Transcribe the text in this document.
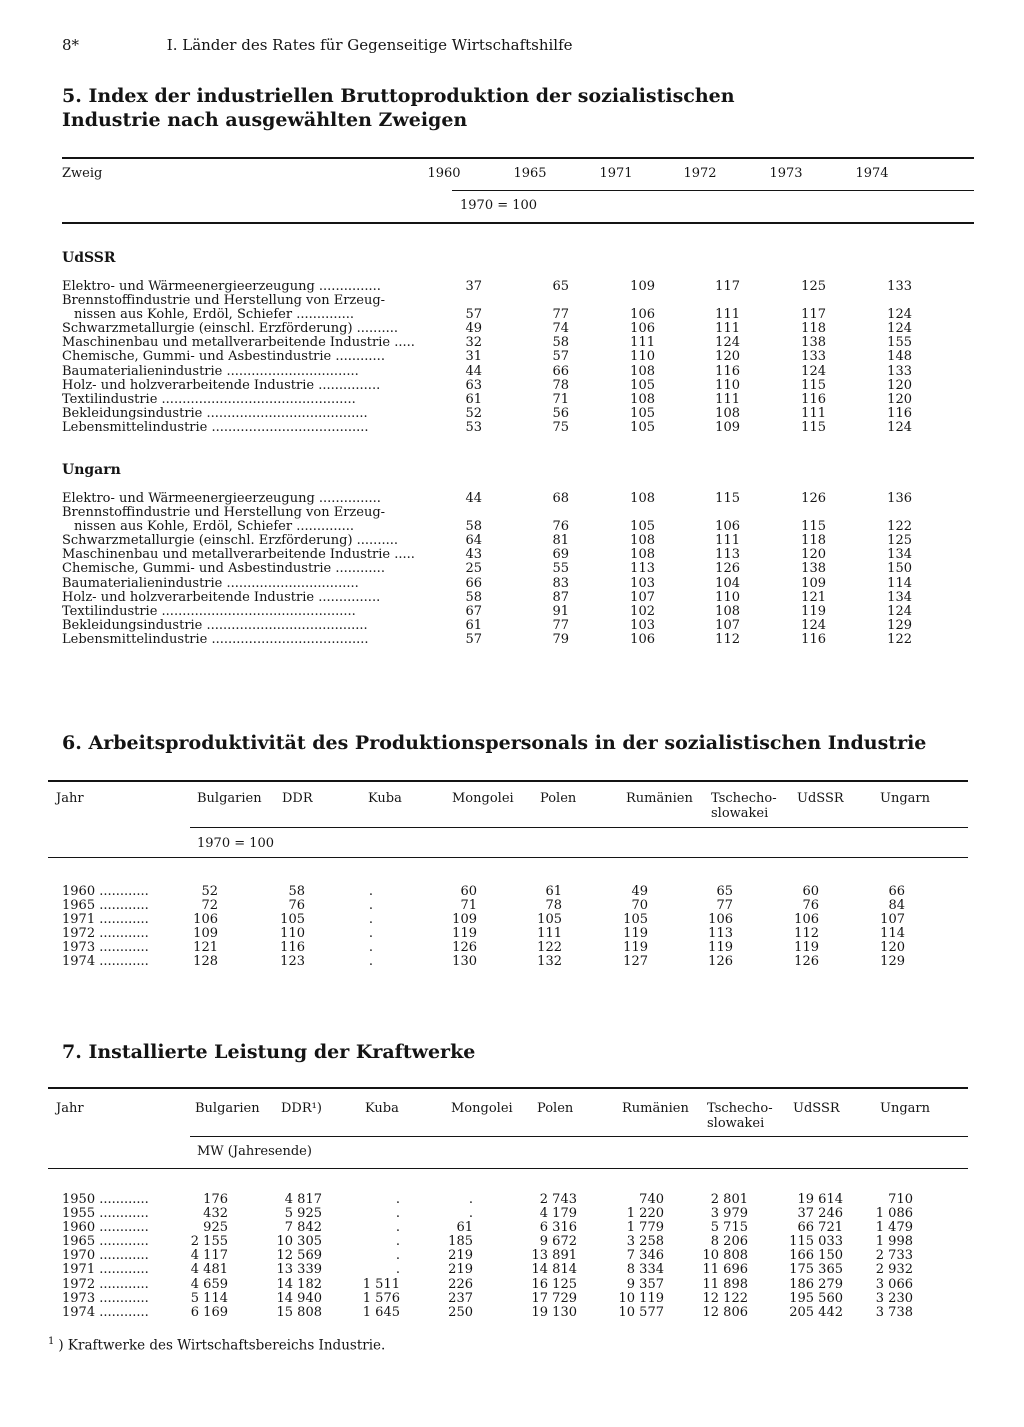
8*	I. Länder des Rates für Gegenseitige Wirtschaftshilfe
5. Index der industriellen Bruttoproduktion der sozialistischen Industrie nach ausgewählten Zweigen
Zweig
1970 = 100
1960	1965	1971	1972	1973	1974
UdSSR
Elektro- und Wärmeenergieerzeugung ...............	37	65	109	117	125	133
Brennstoffindustrie und Herstellung von Erzeug-
nissen aus Kohle, Erdöl, Schiefer ..............	57	77	106	111	117	124
Schwarzmetallurgie (einschl. Erzförderung) ..........	49	74	106	111	118	124
Maschinenbau und metallverarbeitende Industrie .....	32	58	111	124	138	155
Chemische, Gummi- und Asbestindustrie ............	31	57	110	120	133	148
Baumaterialienindustrie ................................	44	66	108	116	124	133
Holz- und holzverarbeitende Industrie ...............	63	78	105	110	115	120
Textilindustrie ...............................................	61	71	108	111	116	120
Bekleidungsindustrie .......................................	52	56	105	108	111	116
Lebensmittelindustrie ......................................	53	75	105	109	115	124
Ungarn
Elektro- und Wärmeenergieerzeugung ...............	44	68	108	115	126	136
Brennstoffindustrie und Herstellung von Erzeug-
nissen aus Kohle, Erdöl, Schiefer ..............	58	76	105	106	115	122
Schwarzmetallurgie (einschl. Erzförderung) ..........	64	81	108	111	118	125
Maschinenbau und metallverarbeitende Industrie .....	43	69	108	113	120	134
Chemische, Gummi- und Asbestindustrie ............	25	55	113	126	138	150
Baumaterialienindustrie ................................	66	83	103	104	109	114
Holz- und holzverarbeitende Industrie ...............	58	87	107	110	121	134
Textilindustrie ...............................................	67	91	102	108	119	124
Bekleidungsindustrie .......................................	61	77	103	107	124	129
Lebensmittelindustrie ......................................	57	79	106	112	116	122
6. Arbeitsproduktivität des Produktionspersonals in der sozialistischen Industrie
Jahr
1970 = 100
Bulgarien DDR	Kuba	Mongolei Polen	Rumänien Tschecho-
slowakei
UdSSR	Ungarn
1960 ............	52	58	.	60	61	49	65	60	66
1965 ............	72	76	.	71	78	70	77	76	84
1971 ............	106	105	.	109	105	105	106	106	107
1972 ............	109	110	.	119	111	119	113	112	114
1973 ............	121	116	.	126	122	119	119	119	120
1974 ............	128	123	.	130	132	127	126	126	129
7. Installierte Leistung der Kraftwerke
Jahr
MW (Jahresende)
Bulgarien DDR¹)	Kuba	Mongolei Polen	Rumänien Tschecho-
slowakei
UdSSR	Ungarn
1950 ............	176	4 817	.	.	2 743	740	2 801	19 614	710
1955 ............	432	5 925	.	.	4 179	1 220	3 979	37 246	1 086
1960 ............	925	7 842	.	61	6 316	1 779	5 715	66 721	1 479
1965 ............	2 155	10 305	.	185	9 672	3 258	8 206	115 033	1 998
1970 ............	4 117	12 569	.	219	13 891	7 346	10 808	166 150	2 733
1971 ............	4 481	13 339	.	219	14 814	8 334	11 696	175 365	2 932
1972 ............	4 659	14 182	1 511	226	16 125	9 357	11 898	186 279	3 066
1973 ............	5 114	14 940	1 576	237	17 729	10 119	12 122	195 560	3 230
1974 ............	6 169	15 808	1 645	250	19 130	10 577	12 806	205 442	3 738
$^1$ ) Kraftwerke des Wirtschaftsbereichs Industrie.
